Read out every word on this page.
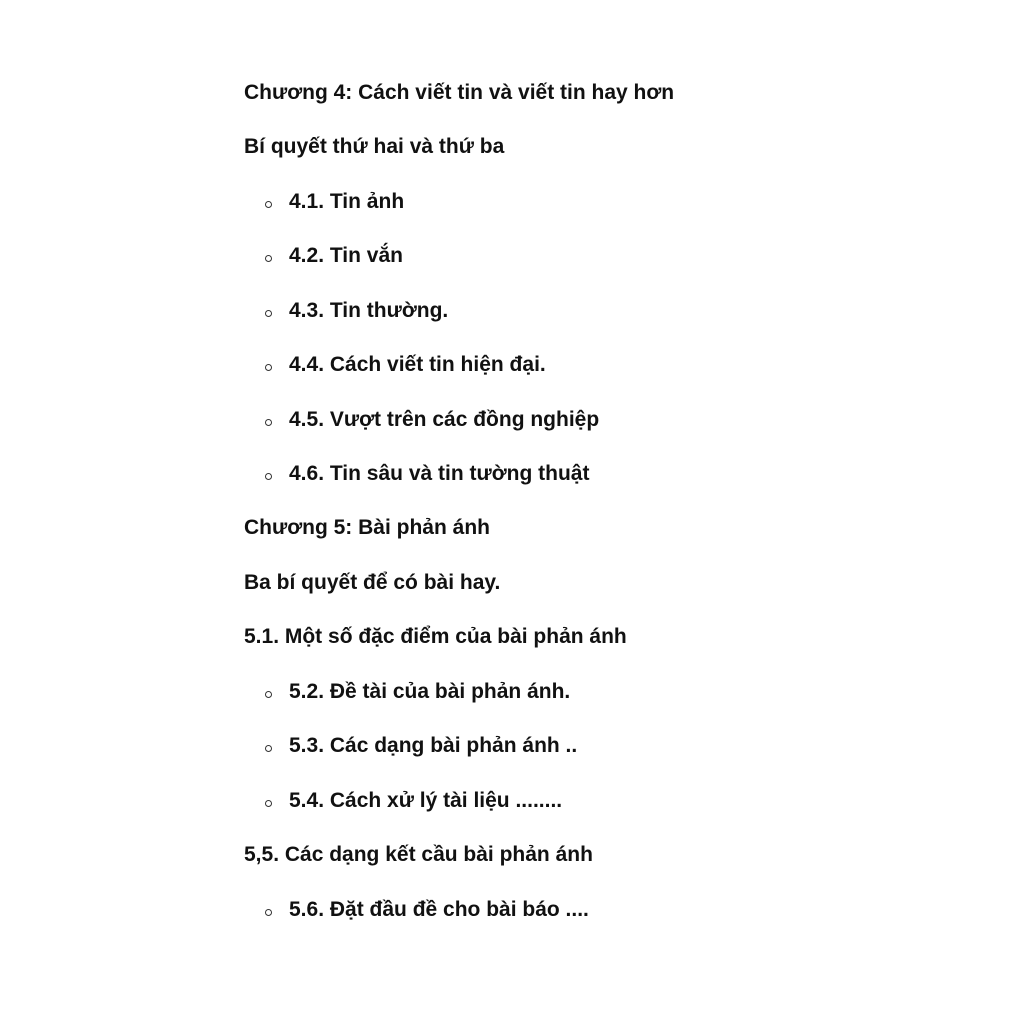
Chương 4: Cách viết tin và viết tin hay hơn
Bí quyết thứ hai và thứ ba
4.1. Tin ảnh
4.2. Tin vắn
4.3. Tin thường.
4.4. Cách viết tin hiện đại.
4.5. Vượt trên các đồng nghiệp
4.6. Tin sâu và tin tường thuật
Chương 5: Bài phản ánh
Ba bí quyết để có bài hay.
5.1. Một số đặc điểm của bài phản ánh
5.2. Đề tài của bài phản ánh.
5.3. Các dạng bài phản ánh ..
5.4. Cách xử lý tài liệu ........
5,5. Các dạng kết cầu bài phản ánh
5.6. Đặt đầu đề cho bài báo ....
